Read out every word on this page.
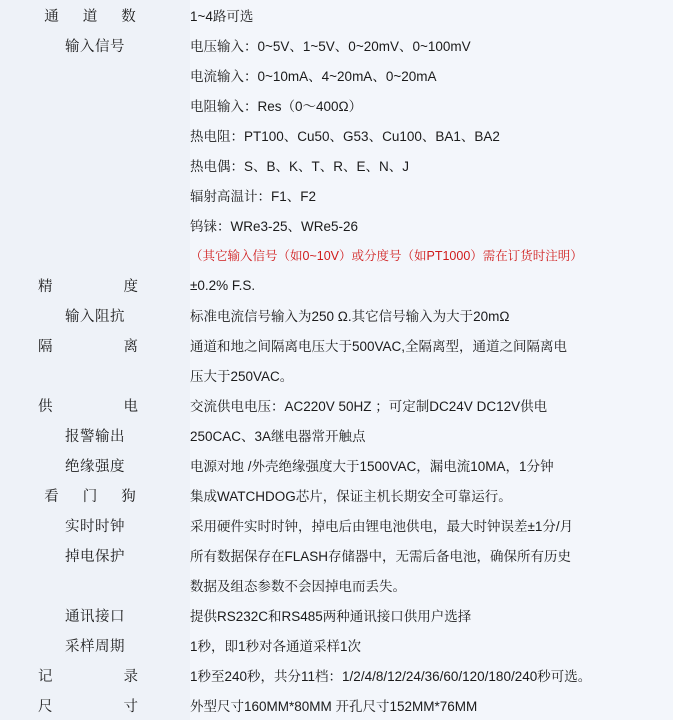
通 道 数	1~4路可选
输入信号	电压输入：0~5V、1~5V、0~20mV、0~100mV
	电流输入：0~10mA、4~20mA、0~20mA
	电阻输入：Res（0～400Ω）
	热电阻：PT100、Cu50、G53、Cu100、BA1、BA2
	热电偶：S、B、K、T、R、E、N、J
	辐射高温计：F1、F2
	钨铼：WRe3-25、WRe5-26
	（其它输入信号（如0~10V）或分度号（如PT1000）需在订货时注明）
精　　度	±0.2% F.S.
输入阻抗	标准电流信号输入为250 Ω.其它信号输入为大于20mΩ
隔　　离	通道和地之间隔离电压大于500VAC,全隔离型，通道之间隔离电
	压大于250VAC。
供　　电	交流供电电压：AC220V 50HZ ；可定制DC24V DC12V供电
报警输出	250CAC、3A继电器常开触点
绝缘强度	电源对地 /外壳绝缘强度大于1500VAC，漏电流10MA，1分钟
看 门 狗	集成WATCHDOG芯片，保证主机长期安全可靠运行。
实时时钟	采用硬件实时时钟，掉电后由锂电池供电，最大时钟误差±1分/月
掉电保护	所有数据保存在FLASH存储器中，无需后备电池，确保所有历史
	数据及组态参数不会因掉电而丢失。
通讯接口	提供RS232C和RS485两种通讯接口供用户选择
采样周期	1秒，即1秒对各通道采样1次
记　　录	1秒至240秒，共分11档：1/2/4/8/12/24/36/60/120/180/240秒可选。
尺　　寸	外型尺寸160MM*80MM 开孔尺寸152MM*76MM
